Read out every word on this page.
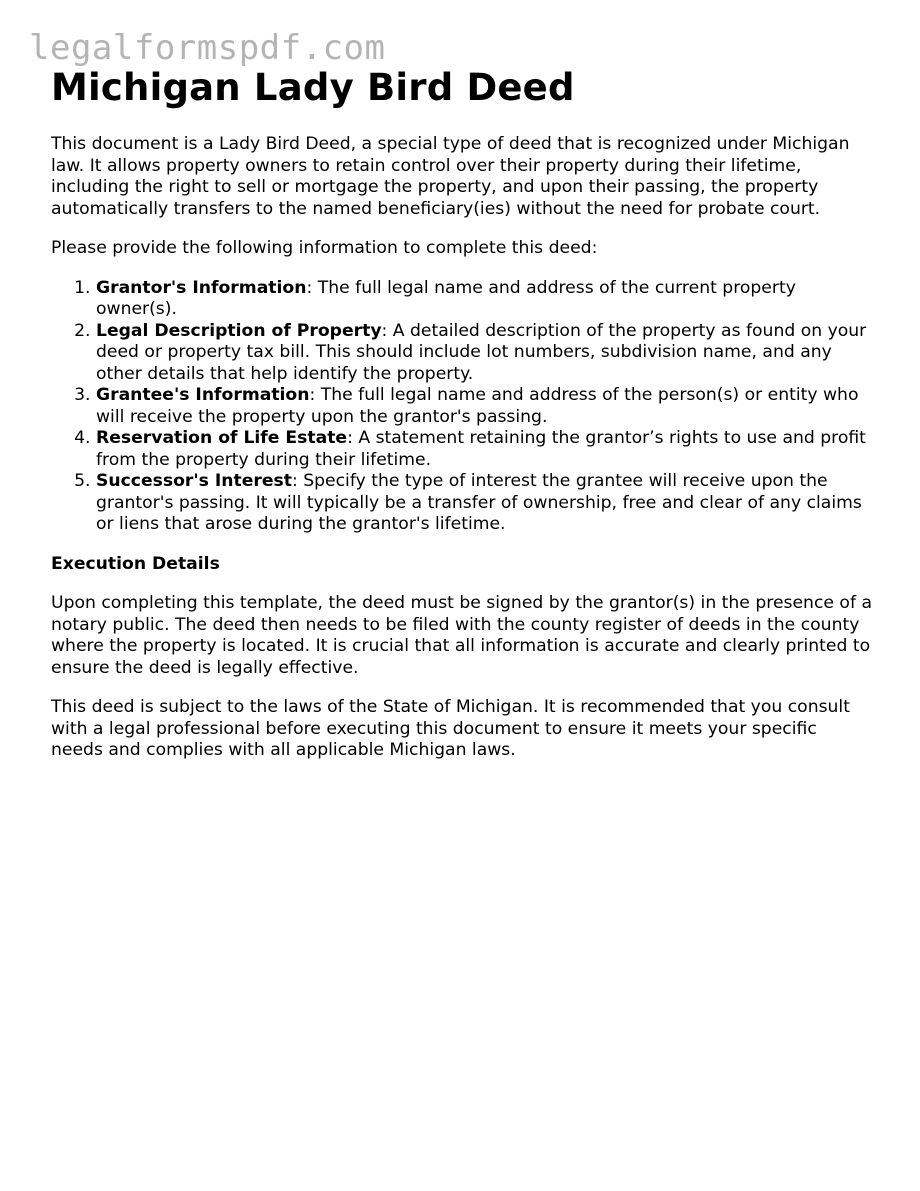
legalformspdf.com
Michigan Lady Bird Deed

This document is a Lady Bird Deed, a special type of deed that is recognized under Michigan law. It allows property owners to retain control over their property during their lifetime, including the right to sell or mortgage the property, and upon their passing, the property automatically transfers to the named beneficiary(ies) without the need for probate court.

Please provide the following information to complete this deed:

1. Grantor's Information: The full legal name and address of the current property owner(s).
2. Legal Description of Property: A detailed description of the property as found on your deed or property tax bill. This should include lot numbers, subdivision name, and any other details that help identify the property.
3. Grantee's Information: The full legal name and address of the person(s) or entity who will receive the property upon the grantor's passing.
4. Reservation of Life Estate: A statement retaining the grantor’s rights to use and profit from the property during their lifetime.
5. Successor's Interest: Specify the type of interest the grantee will receive upon the grantor's passing. It will typically be a transfer of ownership, free and clear of any claims or liens that arose during the grantor's lifetime.

Execution Details

Upon completing this template, the deed must be signed by the grantor(s) in the presence of a notary public. The deed then needs to be filed with the county register of deeds in the county where the property is located. It is crucial that all information is accurate and clearly printed to ensure the deed is legally effective.

This deed is subject to the laws of the State of Michigan. It is recommended that you consult with a legal professional before executing this document to ensure it meets your specific needs and complies with all applicable Michigan laws.
